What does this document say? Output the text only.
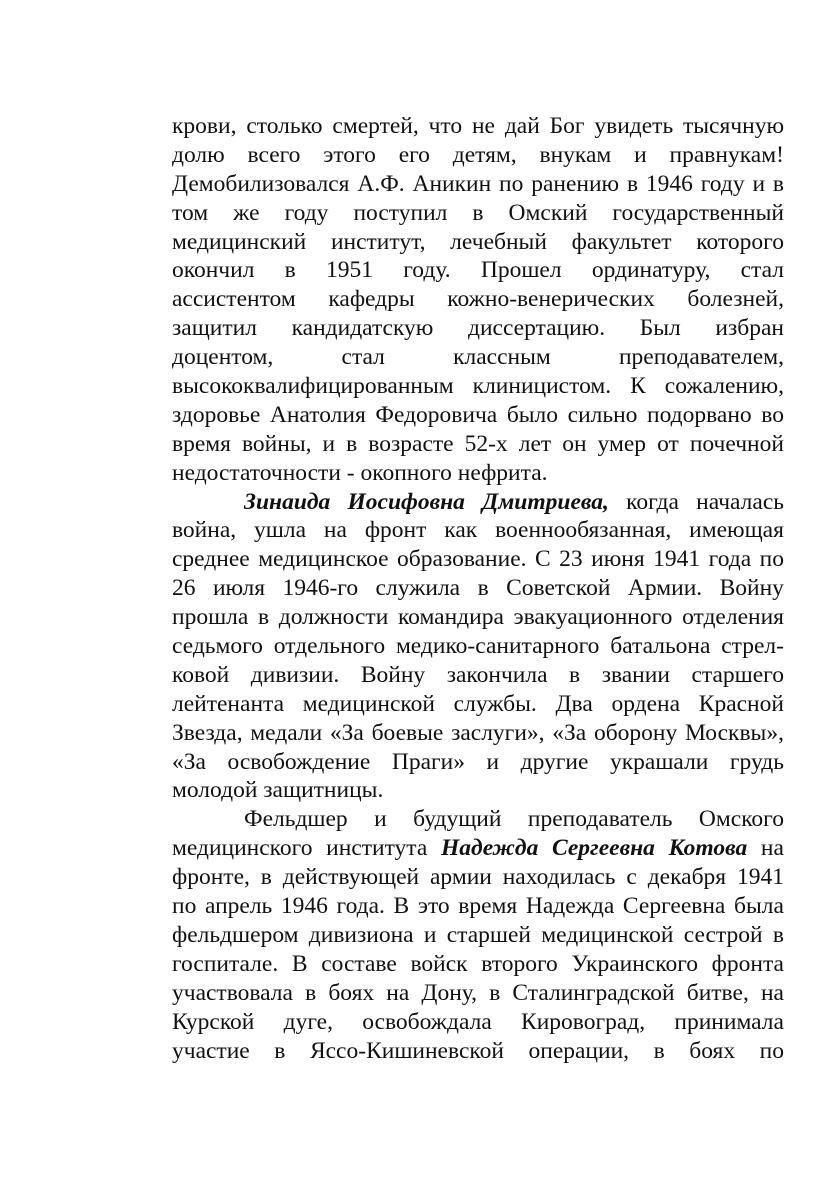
крови, столько смертей, что не дай Бог увидеть тысячную
долю всего этого его детям, внукам и правнукам!
Демобилизовался А.Ф. Аникин по ранению в 1946 году и в
том же году поступил в Омский государственный
медицинский институт, лечебный факультет которого
окончил в 1951 году. Прошел ординатуру, стал
ассистентом кафедры кожно-венерических болезней,
защитил кандидатскую диссертацию. Был избран
доцентом,	стал	классным	преподавателем,
высококвалифицированным клиницистом. К сожалению,
здоровье Анатолия Федоровича было сильно подорвано во
время войны, и в возрасте 52-х лет он умер от почечной
недостаточности - окопного нефрита.
Зинаида Иосифовна Дмитриева, когда началась
война, ушла на фронт как военнообязанная, имеющая
среднее медицинское образование. С 23 июня 1941 года по
26 июля 1946-го служила в Советской Армии. Войну
прошла в должности командира эвакуационного отделения
седьмого отдельного медико-санитарного батальона стрел-
ковой дивизии. Войну закончила в звании старшего
лейтенанта медицинской службы. Два ордена Красной
Звезда, медали «За боевые заслуги», «За оборону Москвы»,
«За освобождение Праги» и другие украшали грудь
молодой защитницы.
Фельдшер и будущий преподаватель Омского
медицинского института Надежда Сергеевна Котова на
фронте, в действующей армии находилась с декабря 1941
по апрель 1946 года. В это время Надежда Сергеевна была
фельдшером дивизиона и старшей медицинской сестрой в
госпитале. В составе войск второго Украинского фронта
участвовала в боях на Дону, в Сталинградской битве, на
Курской дуге, освобождала Кировоград, принимала
участие в Яссо-Кишиневской операции, в боях по
